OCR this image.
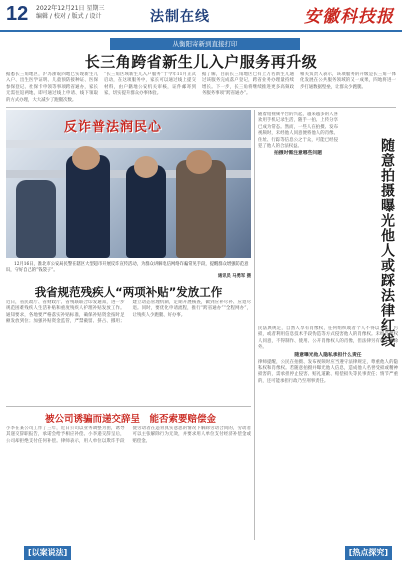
12 2022年12月21日 星期三
编辑 / 校对 / 版式 / 设计	法制在线	安徽科技报
从衡阳寄新到直接打印
长三角跨省新生儿入户服务再升级
据悉长三角地区，沪苏浙皖四地已实现新生儿入户、出生医学证明、儿童预防接种证、医保参保登记、社保卡申领等事项跨省通办，家长无需往返两地，即可通过线上申请、线下领取的方式办理，大大减少了跑腿次数。
“长三角区域新生儿入户服务”于今年11月正式启动，在这项服务中，家长可以通过线上提交材料，由户籍地公安机关审核，证件邮寄到家，切实提升群众办事体验。
据了解，目前长三角地区已有上万名新生儿通过该服务完成落户登记，跨省业务办理量持续增长。下一步，长三角将继续推进更多高频政务服务事项“跨省通办”。
相关负责人表示，该项服务的升级是长三角一体化发展在公共服务领域的又一成果，四地将进一步打通数据壁垒，让群众少跑腿。
反诈普法润民心
12月16日，淮北市公安局民警在辖区大型超市开展反诈宣传活动，为群众讲解电信网络诈骗常见手段，提醒群众增强防范意识，守好自己的“钱袋子”。
通讯员 马勇军 摄
我省规范残疾人“两项补贴”发放工作
近日，省民政厅、省财政厅、省残联联合印发通知，进一步规范困难残疾人生活补贴和重度残疾人护理补贴发放工作。通知要求，各地要严格落实补贴标准，确保补贴资金按时足额发放到位；加强补贴资金监管，严禁截留、挤占、挪用；建立动态管理机制，定期开展核查，做到应补尽补、应退尽退。同时，要优化申请流程，推行“跨省通办”“全程网办”，让残疾人少跑腿、好办事。
被公司诱骗而递交辞呈　能否索要赔偿金
小李在某公司工作了三年，近日公司以业务调整为由，诱导其递交辞职报告，承诺会给予相应补偿。小李递交辞呈后，公司却拒绝支付任何补偿。律师表示，用人单位以欺诈手段使劳动者在违背真实意思的情况下解除劳动合同的，劳动者可以主张解除行为无效，并要求用人单位支付经济补偿金或赔偿金。
[以案说法]
随着短视频平台的兴起，越来越多的人喜欢用手机记录生活，随手一拍、上传分享已成为常态。然而，一些人在拍摄、发布视频时，未经他人同意便将他人的肖像、住址、行踪等信息公之于众，可能已经侵犯了他人的合法权益。
拍摄时需注意哪些问题	随意拍摄曝光他人或踩法律红线
民法典规定，自然人享有肖像权，任何组织或者个人不得以丑化、污损，或者利用信息技术手段伪造等方式侵害他人的肖像权。未经肖像权人同意，不得制作、使用、公开肖像权人的肖像，但法律另有规定的除外。
随意曝光他人隐私承担什么责任
律师提醒，公民在拍摄、发布视频时应当遵守法律规定，尊重他人的隐私权和肖像权。若随意拍摄并曝光他人信息，造成他人名誉受损或精神损害的，需承担停止侵害、赔礼道歉、赔偿损失等民事责任；情节严重的，还可能承担行政乃至刑事责任。
[热点探究]
